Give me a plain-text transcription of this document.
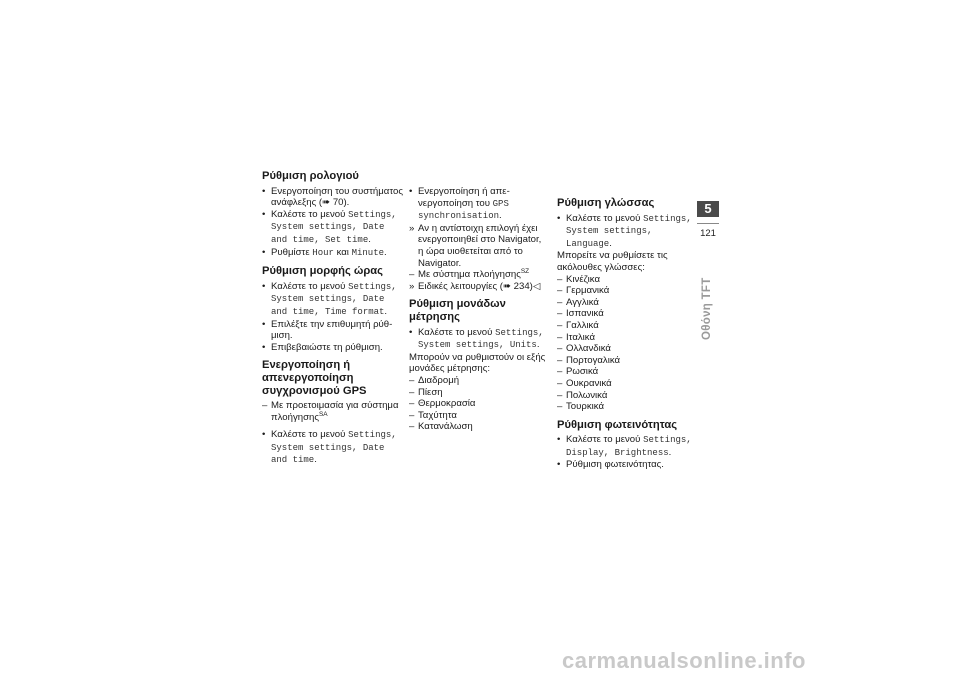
Ρύθμιση ρολογιού

• Ενεργοποίηση του συστήματος ανάφλεξης (➠ 70).

• Καλέστε το μενού Settings, System settings, Date and time, Set time.

• Ρυθμίστε Hour και Minute.

Ρύθμιση μορφής ώρας

• Καλέστε το μενού Settings, System settings, Date and time, Time format.

• Επιλέξτε την επιθυμητή ρύθ-μιση.

• Επιβεβαιώστε τη ρύθμιση.

Ενεργοποίηση ή απενεργοποίηση συγχρονισμού GPS

– Με προετοιμασία για σύστημα πλοήγησης$^{SA}$

• Καλέστε το μενού Settings, System settings, Date and time.

• Ενεργοποίηση ή απε-νεργοποίηση του GPS synchronisation.

» Αν η αντίστοιχη επιλογή έχει ενεργοποιηθεί στο Navigator, η ώρα υιοθετείται από το Navigator.

– Με σύστημα πλοήγησης$^{SZ}$

» Ειδικές λειτουργίες (➠ 234)◁

Ρύθμιση μονάδων μέτρησης

• Καλέστε το μενού Settings, System settings, Units.

Μπορούν να ρυθμιστούν οι εξής μονάδες μέτρησης:

– Διαδρομή

– Πίεση

– Θερμοκρασία

– Ταχύτητα

– Κατανάλωση

Ρύθμιση γλώσσας

• Καλέστε το μενού Settings, System settings, Language.

Μπορείτε να ρυθμίσετε τις ακόλουθες γλώσσες:

– Κινέζικα

– Γερμανικά

– Αγγλικά

– Ισπανικά

– Γαλλικά

– Ιταλικά

– Ολλανδικά

– Πορτογαλικά

– Ρωσικά

– Ουκρανικά

– Πολωνικά

– Τουρκικά

Ρύθμιση φωτεινότητας

• Καλέστε το μενού Settings, Display, Brightness.

• Ρύθμιση φωτεινότητας.

5
121
Οθόνη TFT
carmanualsonline.info
